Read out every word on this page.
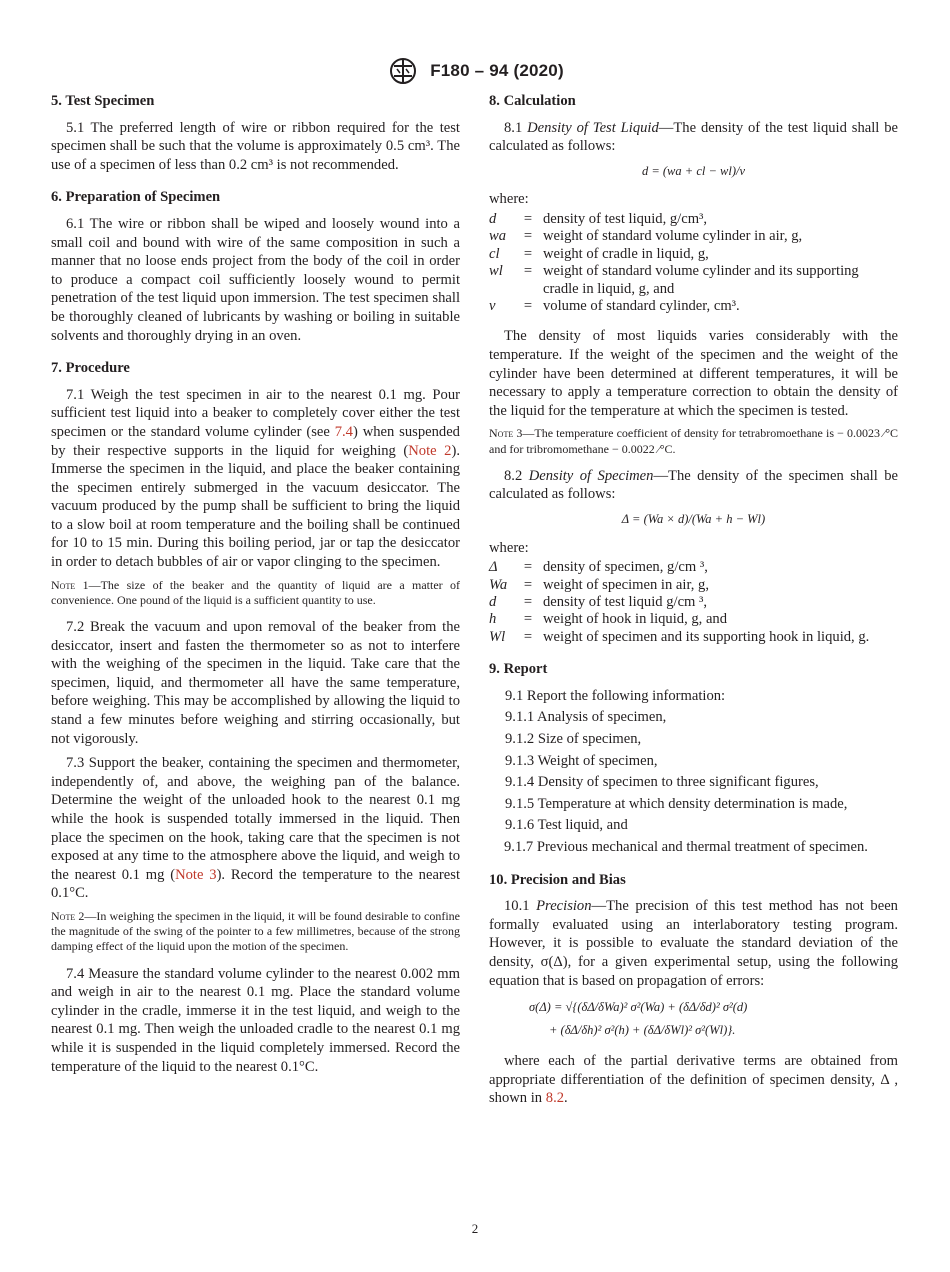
F180 – 94 (2020)
5. Test Specimen

5.1 The preferred length of wire or ribbon required for the test specimen shall be such that the volume is approximately 0.5 cm³. The use of a specimen of less than 0.2 cm³ is not recommended.

6. Preparation of Specimen

6.1 The wire or ribbon shall be wiped and loosely wound into a small coil and bound with wire of the same composition in such a manner that no loose ends project from the body of the coil in order to produce a compact coil sufficiently loosely wound to permit penetration of the test liquid upon immersion. The test specimen shall be thoroughly cleaned of lubricants by washing or boiling in suitable solvents and thoroughly drying in an oven.

7. Procedure

7.1 Weigh the test specimen in air to the nearest 0.1 mg. Pour sufficient test liquid into a beaker to completely cover either the test specimen or the standard volume cylinder (see 7.4) when suspended by their respective supports in the liquid for weighing (Note 2). Immerse the specimen in the liquid, and place the beaker containing the specimen entirely submerged in the vacuum desiccator. The vacuum produced by the pump shall be sufficient to bring the liquid to a slow boil at room temperature and the boiling shall be continued for 10 to 15 min. During this boiling period, jar or tap the desiccator in order to detach bubbles of air or vapor clinging to the specimen.

Note 1—The size of the beaker and the quantity of liquid are a matter of convenience. One pound of the liquid is a sufficient quantity to use.

7.2 Break the vacuum and upon removal of the beaker from the desiccator, insert and fasten the thermometer so as not to interfere with the weighing of the specimen in the liquid. Take care that the specimen, liquid, and thermometer all have the same temperature, before weighing. This may be accomplished by allowing the liquid to stand a few minutes before weighing and stirring occasionally, but not vigorously.

7.3 Support the beaker, containing the specimen and thermometer, independently of, and above, the weighing pan of the balance. Determine the weight of the unloaded hook to the nearest 0.1 mg while the hook is suspended totally immersed in the liquid. Then place the specimen on the hook, taking care that the specimen is not exposed at any time to the atmosphere above the liquid, and weigh to the nearest 0.1 mg (Note 3). Record the temperature to the nearest 0.1°C.

Note 2—In weighing the specimen in the liquid, it will be found desirable to confine the magnitude of the swing of the pointer to a few millimetres, because of the strong damping effect of the liquid upon the motion of the specimen.

7.4 Measure the standard volume cylinder to the nearest 0.002 mm and weigh in air to the nearest 0.1 mg. Place the standard volume cylinder in the cradle, immerse it in the test liquid, and weigh to the nearest 0.1 mg. Then weigh the unloaded cradle to the nearest 0.1 mg while it is suspended in the liquid completely immersed. Record the temperature of the liquid to the nearest 0.1°C.

8. Calculation

8.1 Density of Test Liquid—The density of the test liquid shall be calculated as follows:

d = (wa + cl − wl)/v

where:

d	=	density of test liquid, g/cm³,
wa	=	weight of standard volume cylinder in air, g,
cl	=	weight of cradle in liquid, g,
wl	=	weight of standard volume cylinder and its supporting cradle in liquid, g, and
v	=	volume of standard cylinder, cm³.

The density of most liquids varies considerably with the temperature. If the weight of the specimen and the weight of the cylinder have been determined at different temperatures, it will be necessary to apply a temperature correction to obtain the density of the liquid for the temperature at which the specimen is tested.

Note 3—The temperature coefficient of density for tetrabromoethane is − 0.0023 ⁄°C and for tribromomethane − 0.0022 ⁄°C.

8.2 Density of Specimen—The density of the specimen shall be calculated as follows:

Δ = (Wa × d)/(Wa + h − Wl)

where:

Δ	=	density of specimen, g/cm ³,
Wa	=	weight of specimen in air, g,
d	=	density of test liquid g/cm ³,
h	=	weight of hook in liquid, g, and
Wl	=	weight of specimen and its supporting hook in liquid, g.
9. Report
9.1 Report the following information:
9.1.1 Analysis of specimen,
9.1.2 Size of specimen,
9.1.3 Weight of specimen,
9.1.4 Density of specimen to three significant figures,
9.1.5 Temperature at which density determination is made,
9.1.6 Test liquid, and

9.1.7 Previous mechanical and thermal treatment of specimen.

10. Precision and Bias

10.1 Precision—The precision of this test method has not been formally evaluated using an interlaboratory testing program. However, it is possible to evaluate the standard deviation of the density, σ(Δ), for a given experimental setup, using the following equation that is based on propagation of errors:

σ(Δ) = √{(δΔ/δWa)² σ²(Wa) + (δΔ/δd)² σ²(d)
+ (δΔ/δh)² σ²(h) + (δΔ/δWl)² σ²(Wl)}.

where each of the partial derivative terms are obtained from appropriate differentiation of the definition of specimen density, Δ , shown in 8.2.

2
